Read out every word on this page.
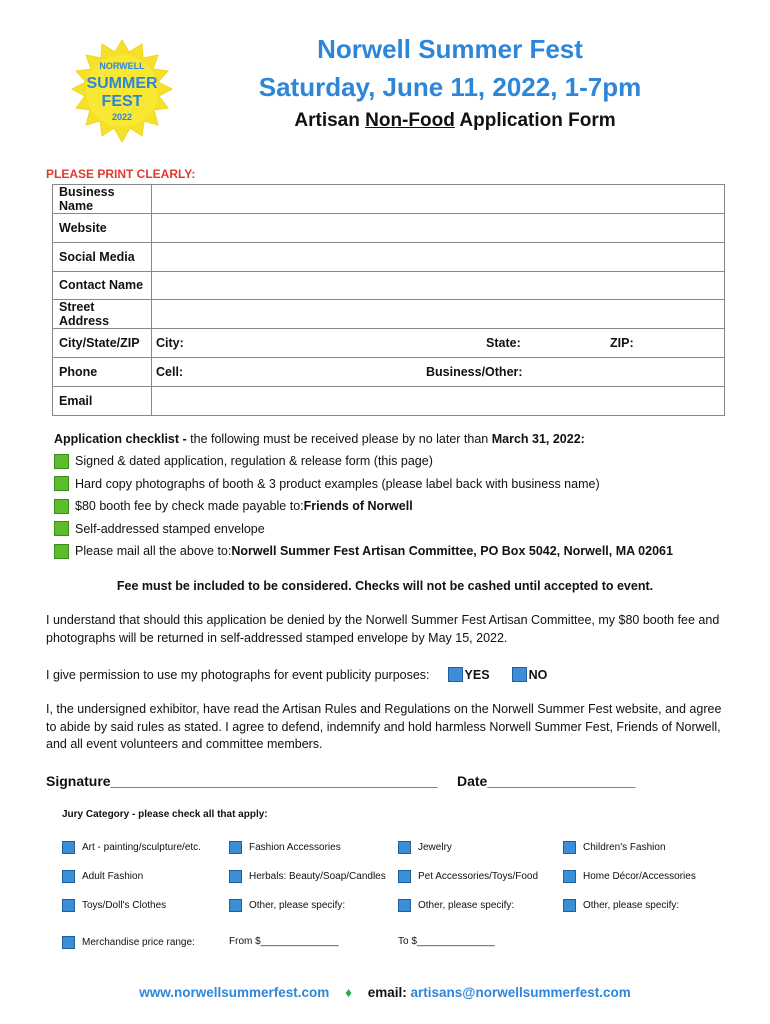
NORWELL
SUMMER
FEST
2022
Norwell Summer Fest
Saturday, June 11, 2022, 1-7pm
Artisan Non-Food Application Form
PLEASE PRINT CLEARLY:
Business Name	
Website	
Social Media	
Contact Name	
Street Address	
City/State/ZIP	City: State: ZIP:

Phone	Cell: Business/Other:

Email	
Application checklist - the following must be received please by no later than March 31, 2022:
Signed & dated application, regulation & release form (this page)
Hard copy photographs of booth & 3 product examples (please label back with business name)
$80 booth fee by check made payable to: Friends of Norwell
Self-addressed stamped envelope
Please mail all the above to: Norwell Summer Fest Artisan Committee, PO Box 5042, Norwell, MA 02061
Fee must be included to be considered. Checks will not be cashed until accepted to event.
I understand that should this application be denied by the Norwell Summer Fest Artisan Committee, my $80 booth fee and photographs will be returned in self-addressed stamped envelope by May 15, 2022.
I give permission to use my photographs for event publicity purposes:	YES	NO
I, the undersigned exhibitor, have read the Artisan Rules and Regulations on the Norwell Summer Fest website, and agree to abide by said rules as stated. I agree to defend, indemnify and hold harmless Norwell Summer Fest, Friends of Norwell, and all event volunteers and committee members.
Signature__________________________________________ Date___________________
Jury Category - please check all that apply:
Art - painting/sculpture/etc.	Fashion Accessories	Jewelry	Children's Fashion
Adult Fashion	Herbals: Beauty/Soap/Candles	Pet Accessories/Toys/Food	Home Décor/Accessories
Toys/Doll's Clothes	Other, please specify:	Other, please specify:	Other, please specify:
Merchandise price range:	From $______________	To $______________
www.norwellsummerfest.com ♦ email: artisans@norwellsummerfest.com
